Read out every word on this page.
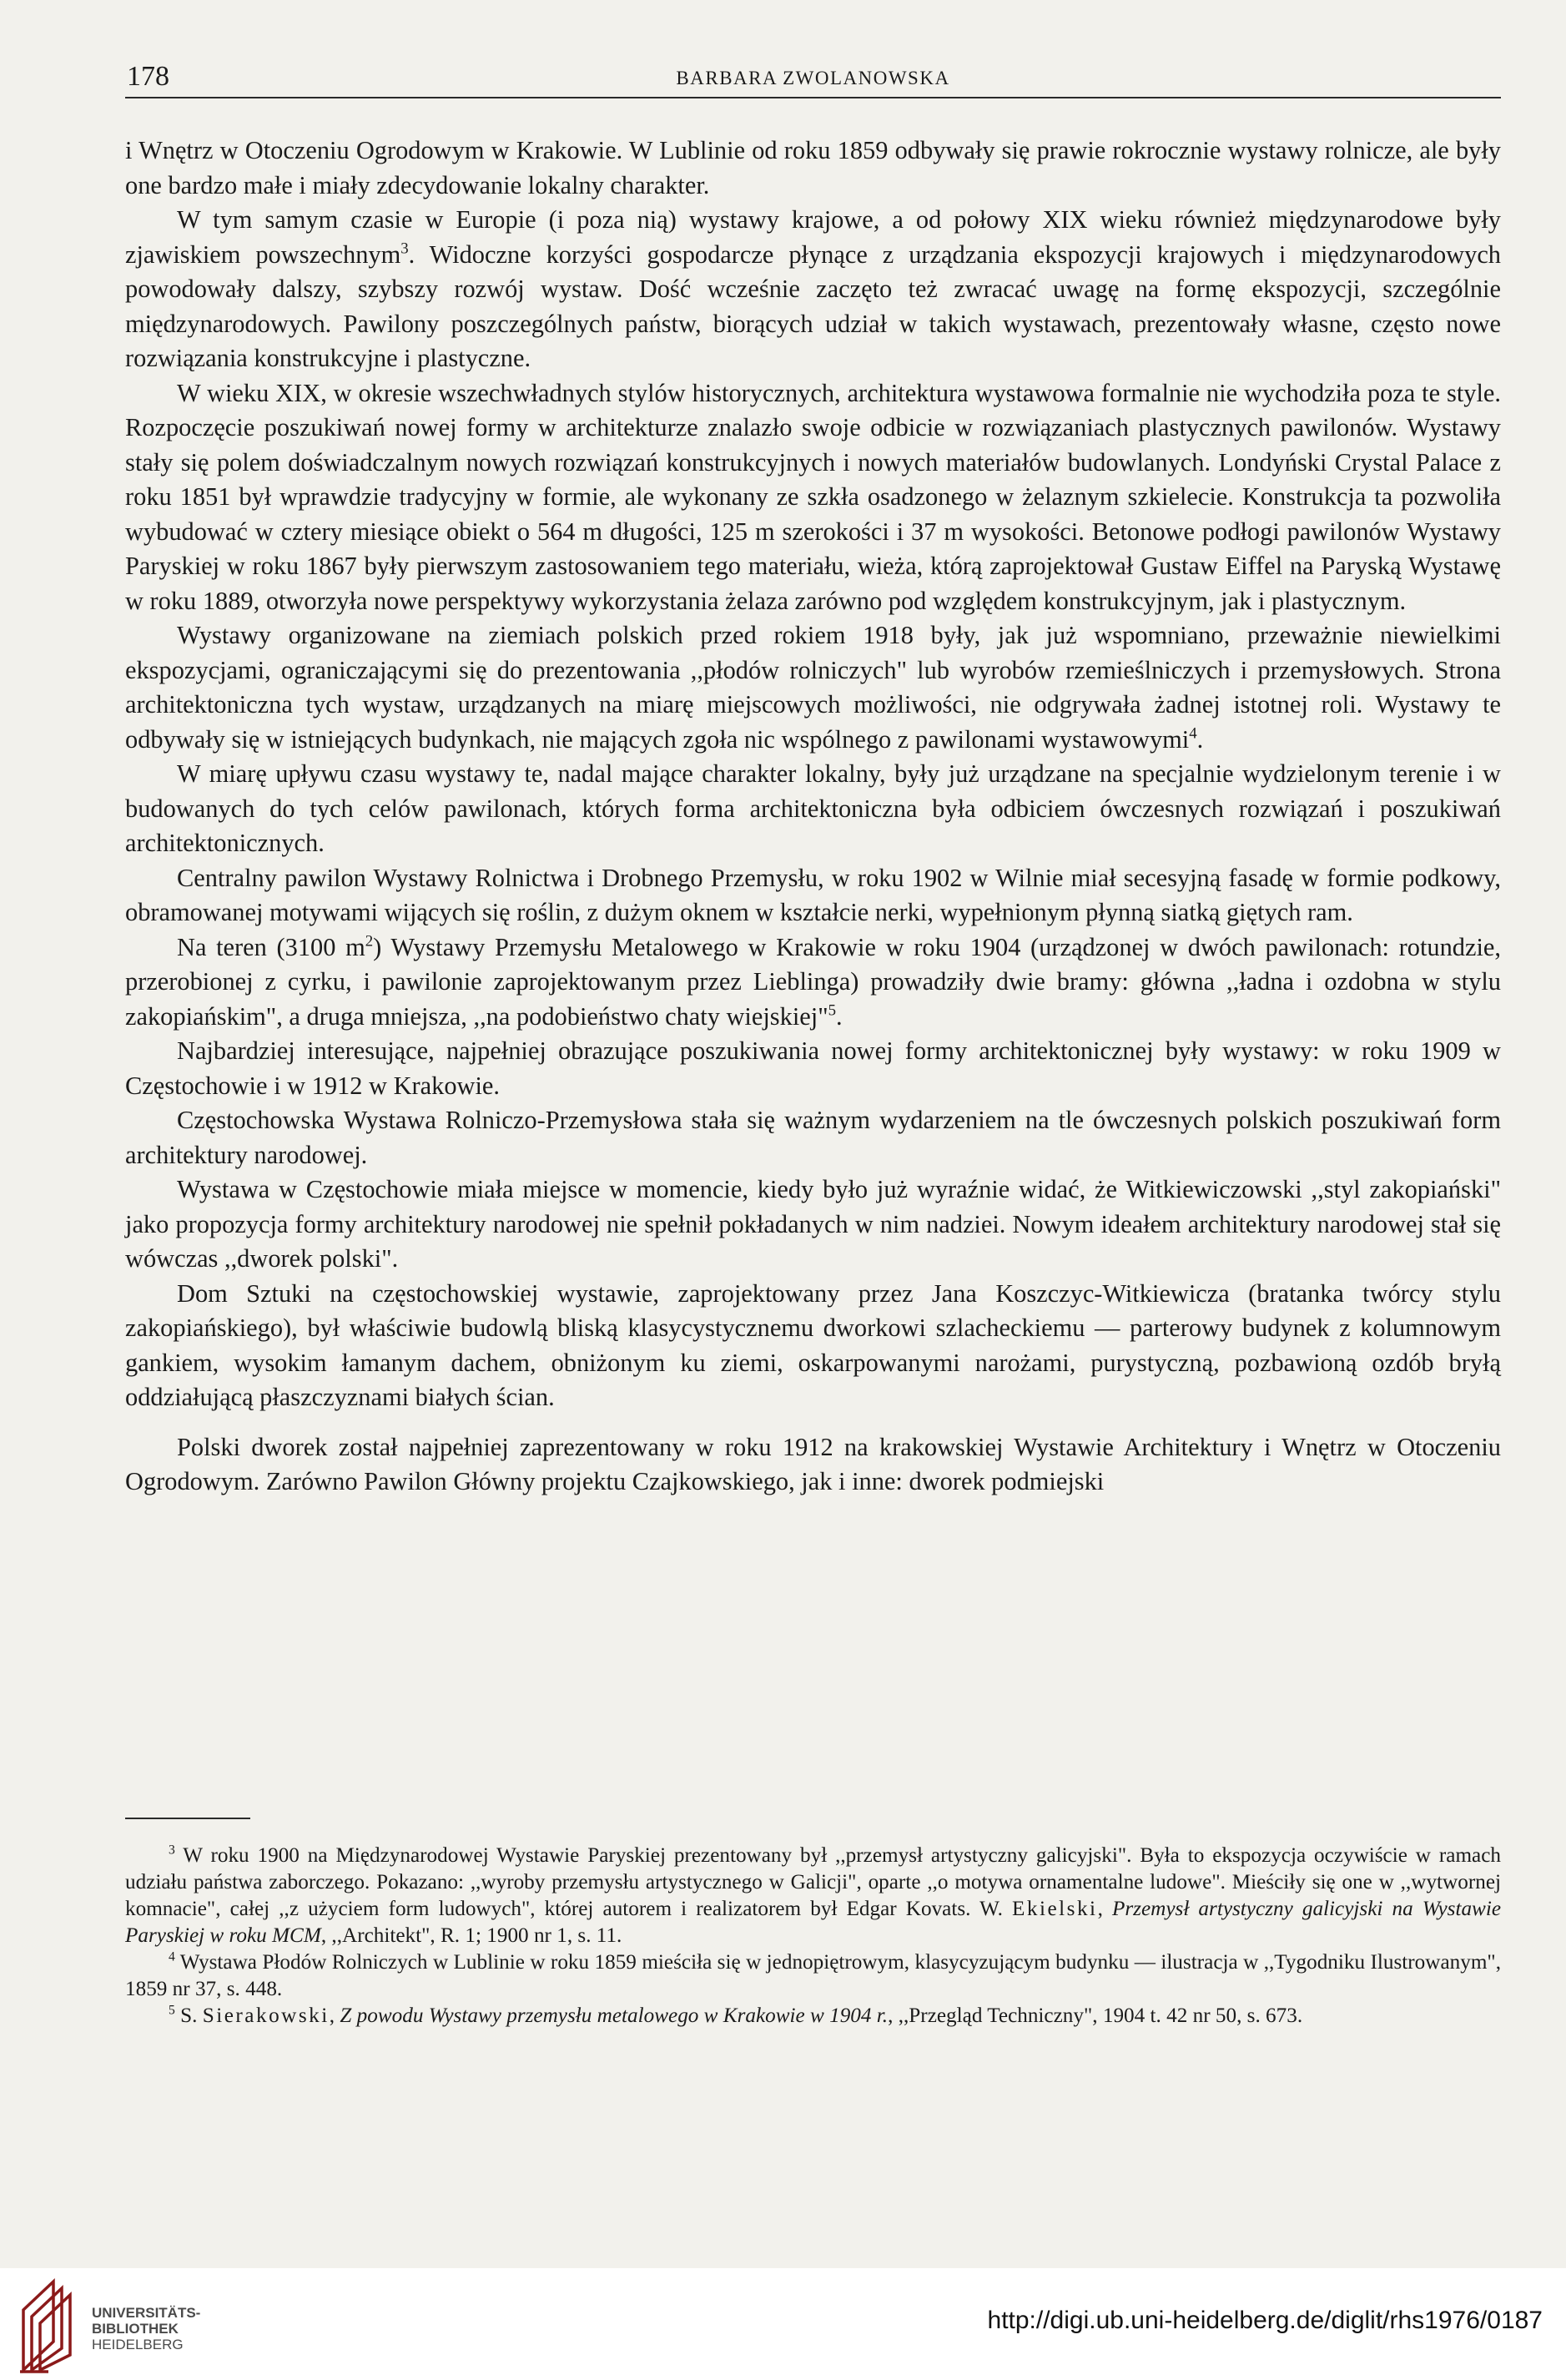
178	BARBARA ZWOLANOWSKA

i Wnętrz w Otoczeniu Ogrodowym w Krakowie. W Lublinie od roku 1859 odbywały się prawie rokrocznie wystawy rolnicze, ale były one bardzo małe i miały zdecydowanie lokalny charakter.

W tym samym czasie w Europie (i poza nią) wystawy krajowe, a od połowy XIX wieku również międzynarodowe były zjawiskiem powszechnym$^3$. Widoczne korzyści gospodarcze płynące z urządzania ekspozycji krajowych i międzynarodowych powodowały dalszy, szybszy rozwój wystaw. Dość wcześnie zaczęto też zwracać uwagę na formę ekspozycji, szczególnie międzynarodowych. Pawilony poszczególnych państw, biorących udział w takich wystawach, prezentowały własne, często nowe rozwiązania konstrukcyjne i plastyczne.

W wieku XIX, w okresie wszechwładnych stylów historycznych, architektura wystawowa formalnie nie wychodziła poza te style. Rozpoczęcie poszukiwań nowej formy w architekturze znalazło swoje odbicie w rozwiązaniach plastycznych pawilonów. Wystawy stały się polem doświadczalnym nowych rozwiązań konstrukcyjnych i nowych materiałów budowlanych. Londyński Crystal Palace z roku 1851 był wprawdzie tradycyjny w formie, ale wykonany ze szkła osadzonego w żelaznym szkielecie. Konstrukcja ta pozwoliła wybudować w cztery miesiące obiekt o 564 m długości, 125 m szerokości i 37 m wysokości. Betonowe podłogi pawilonów Wystawy Paryskiej w roku 1867 były pierwszym zastosowaniem tego materiału, wieża, którą zaprojektował Gustaw Eiffel na Paryską Wystawę w roku 1889, otworzyła nowe perspektywy wykorzystania żelaza zarówno pod względem konstrukcyjnym, jak i plastycznym.

Wystawy organizowane na ziemiach polskich przed rokiem 1918 były, jak już wspomniano, przeważnie niewielkimi ekspozycjami, ograniczającymi się do prezentowania ,,płodów rolniczych" lub wyrobów rzemieślniczych i przemysłowych. Strona architektoniczna tych wystaw, urządzanych na miarę miejscowych możliwości, nie odgrywała żadnej istotnej roli. Wystawy te odbywały się w istniejących budynkach, nie mających zgoła nic wspólnego z pawilonami wystawowymi$^4$.

W miarę upływu czasu wystawy te, nadal mające charakter lokalny, były już urządzane na specjalnie wydzielonym terenie i w budowanych do tych celów pawilonach, których forma architektoniczna była odbiciem ówczesnych rozwiązań i poszukiwań architektonicznych.

Centralny pawilon Wystawy Rolnictwa i Drobnego Przemysłu, w roku 1902 w Wilnie miał secesyjną fasadę w formie podkowy, obramowanej motywami wijących się roślin, z dużym oknem w kształcie nerki, wypełnionym płynną siatką giętych ram.

Na teren (3100 $m^2$) Wystawy Przemysłu Metalowego w Krakowie w roku 1904 (urządzonej w dwóch pawilonach: rotundzie, przerobionej z cyrku, i pawilonie zaprojektowanym przez Lieblinga) prowadziły dwie bramy: główna ,,ładna i ozdobna w stylu zakopiańskim", a druga mniejsza, ,,na podobieństwo chaty wiejskiej"$^5$.

Najbardziej interesujące, najpełniej obrazujące poszukiwania nowej formy architektonicznej były wystawy: w roku 1909 w Częstochowie i w 1912 w Krakowie.

Częstochowska Wystawa Rolniczo-Przemysłowa stała się ważnym wydarzeniem na tle ówczesnych polskich poszukiwań form architektury narodowej.

Wystawa w Częstochowie miała miejsce w momencie, kiedy było już wyraźnie widać, że Witkiewiczowski ,,styl zakopiański" jako propozycja formy architektury narodowej nie spełnił pokładanych w nim nadziei. Nowym ideałem architektury narodowej stał się wówczas ,,dworek polski".

Dom Sztuki na częstochowskiej wystawie, zaprojektowany przez Jana Koszczyc-Witkiewicza (bratanka twórcy stylu zakopiańskiego), był właściwie budowlą bliską klasycystycznemu dworkowi szlacheckiemu — parterowy budynek z kolumnowym gankiem, wysokim łamanym dachem, obniżonym ku ziemi, oskarpowanymi narożami, purystyczną, pozbawioną ozdób bryłą oddziałującą płaszczyznami białych ścian.

Polski dworek został najpełniej zaprezentowany w roku 1912 na krakowskiej Wystawie Architektury i Wnętrz w Otoczeniu Ogrodowym. Zarówno Pawilon Główny projektu Czajkowskiego, jak i inne: dworek podmiejski

$^3$ W roku 1900 na Międzynarodowej Wystawie Paryskiej prezentowany był ,,przemysł artystyczny galicyjski". Była to ekspozycja oczywiście w ramach udziału państwa zaborczego. Pokazano: ,,wyroby przemysłu artystycznego w Galicji", oparte ,,o motywa ornamentalne ludowe". Mieściły się one w ,,wytwornej komnacie", całej ,,z użyciem form ludowych", której autorem i realizatorem był Edgar Kovats. W. Ekielski, Przemysł artystyczny galicyjski na Wystawie Paryskiej w roku MCM, ,,Architekt", R. 1; 1900 nr 1, s. 11.

$^4$ Wystawa Płodów Rolniczych w Lublinie w roku 1859 mieściła się w jednopiętrowym, klasycyzującym budynku — ilustracja w ,,Tygodniku Ilustrowanym", 1859 nr 37, s. 448.

$^5$ S. Sierakowski, Z powodu Wystawy przemysłu metalowego w Krakowie w 1904 r., ,,Przegląd Techniczny", 1904 t. 42 nr 50, s. 673.

UNIVERSITÄTS-
BIBLIOTHEK
HEIDELBERG
http://digi.ub.uni-heidelberg.de/diglit/rhs1976/0187
